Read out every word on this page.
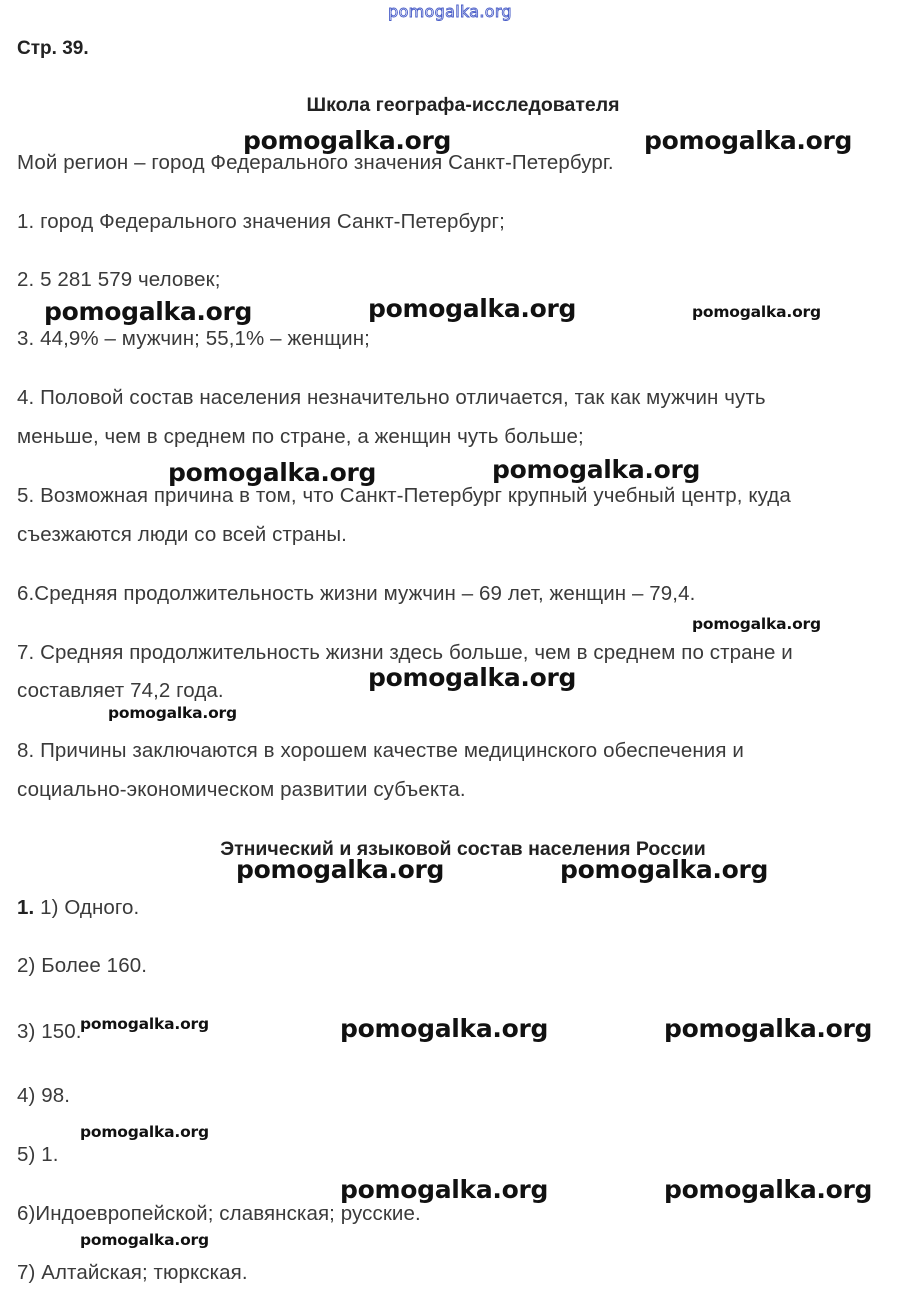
pomogalka.org
Стр. 39.
Школа географа-исследователя
Мой регион – город Федерального значения Санкт-Петербург.
1. город Федерального значения Санкт-Петербург;
2. 5 281 579 человек;
3. 44,9% – мужчин; 55,1% – женщин;
4. Половой состав населения незначительно отличается, так как мужчин чуть
меньше, чем в среднем по стране, а женщин чуть больше;
5. Возможная причина в том, что Санкт-Петербург крупный учебный центр, куда
съезжаются люди со всей страны.
6.Средняя продолжительность жизни мужчин – 69 лет, женщин – 79,4.
7. Средняя продолжительность жизни здесь больше, чем в среднем по стране и
составляет 74,2 года.
8. Причины заключаются в хорошем качестве медицинского обеспечения и
социально-экономическом развитии субъекта.
Этнический и языковой состав населения России
1. 1) Одного.
2) Более 160.
3) 150.
4) 98.
5) 1.
6)Индоевропейской; славянская; русские.
7) Алтайская; тюркская.
pomogalka.org	pomogalka.org
pomogalka.org	pomogalka.org
pomogalka.org	pomogalka.org
pomogalka.org
pomogalka.org	pomogalka.org
pomogalka.org	pomogalka.org
pomogalka.org	pomogalka.org
pomogalka.org
pomogalka.org
pomogalka.org
pomogalka.org
pomogalka.org
pomogalka.org
